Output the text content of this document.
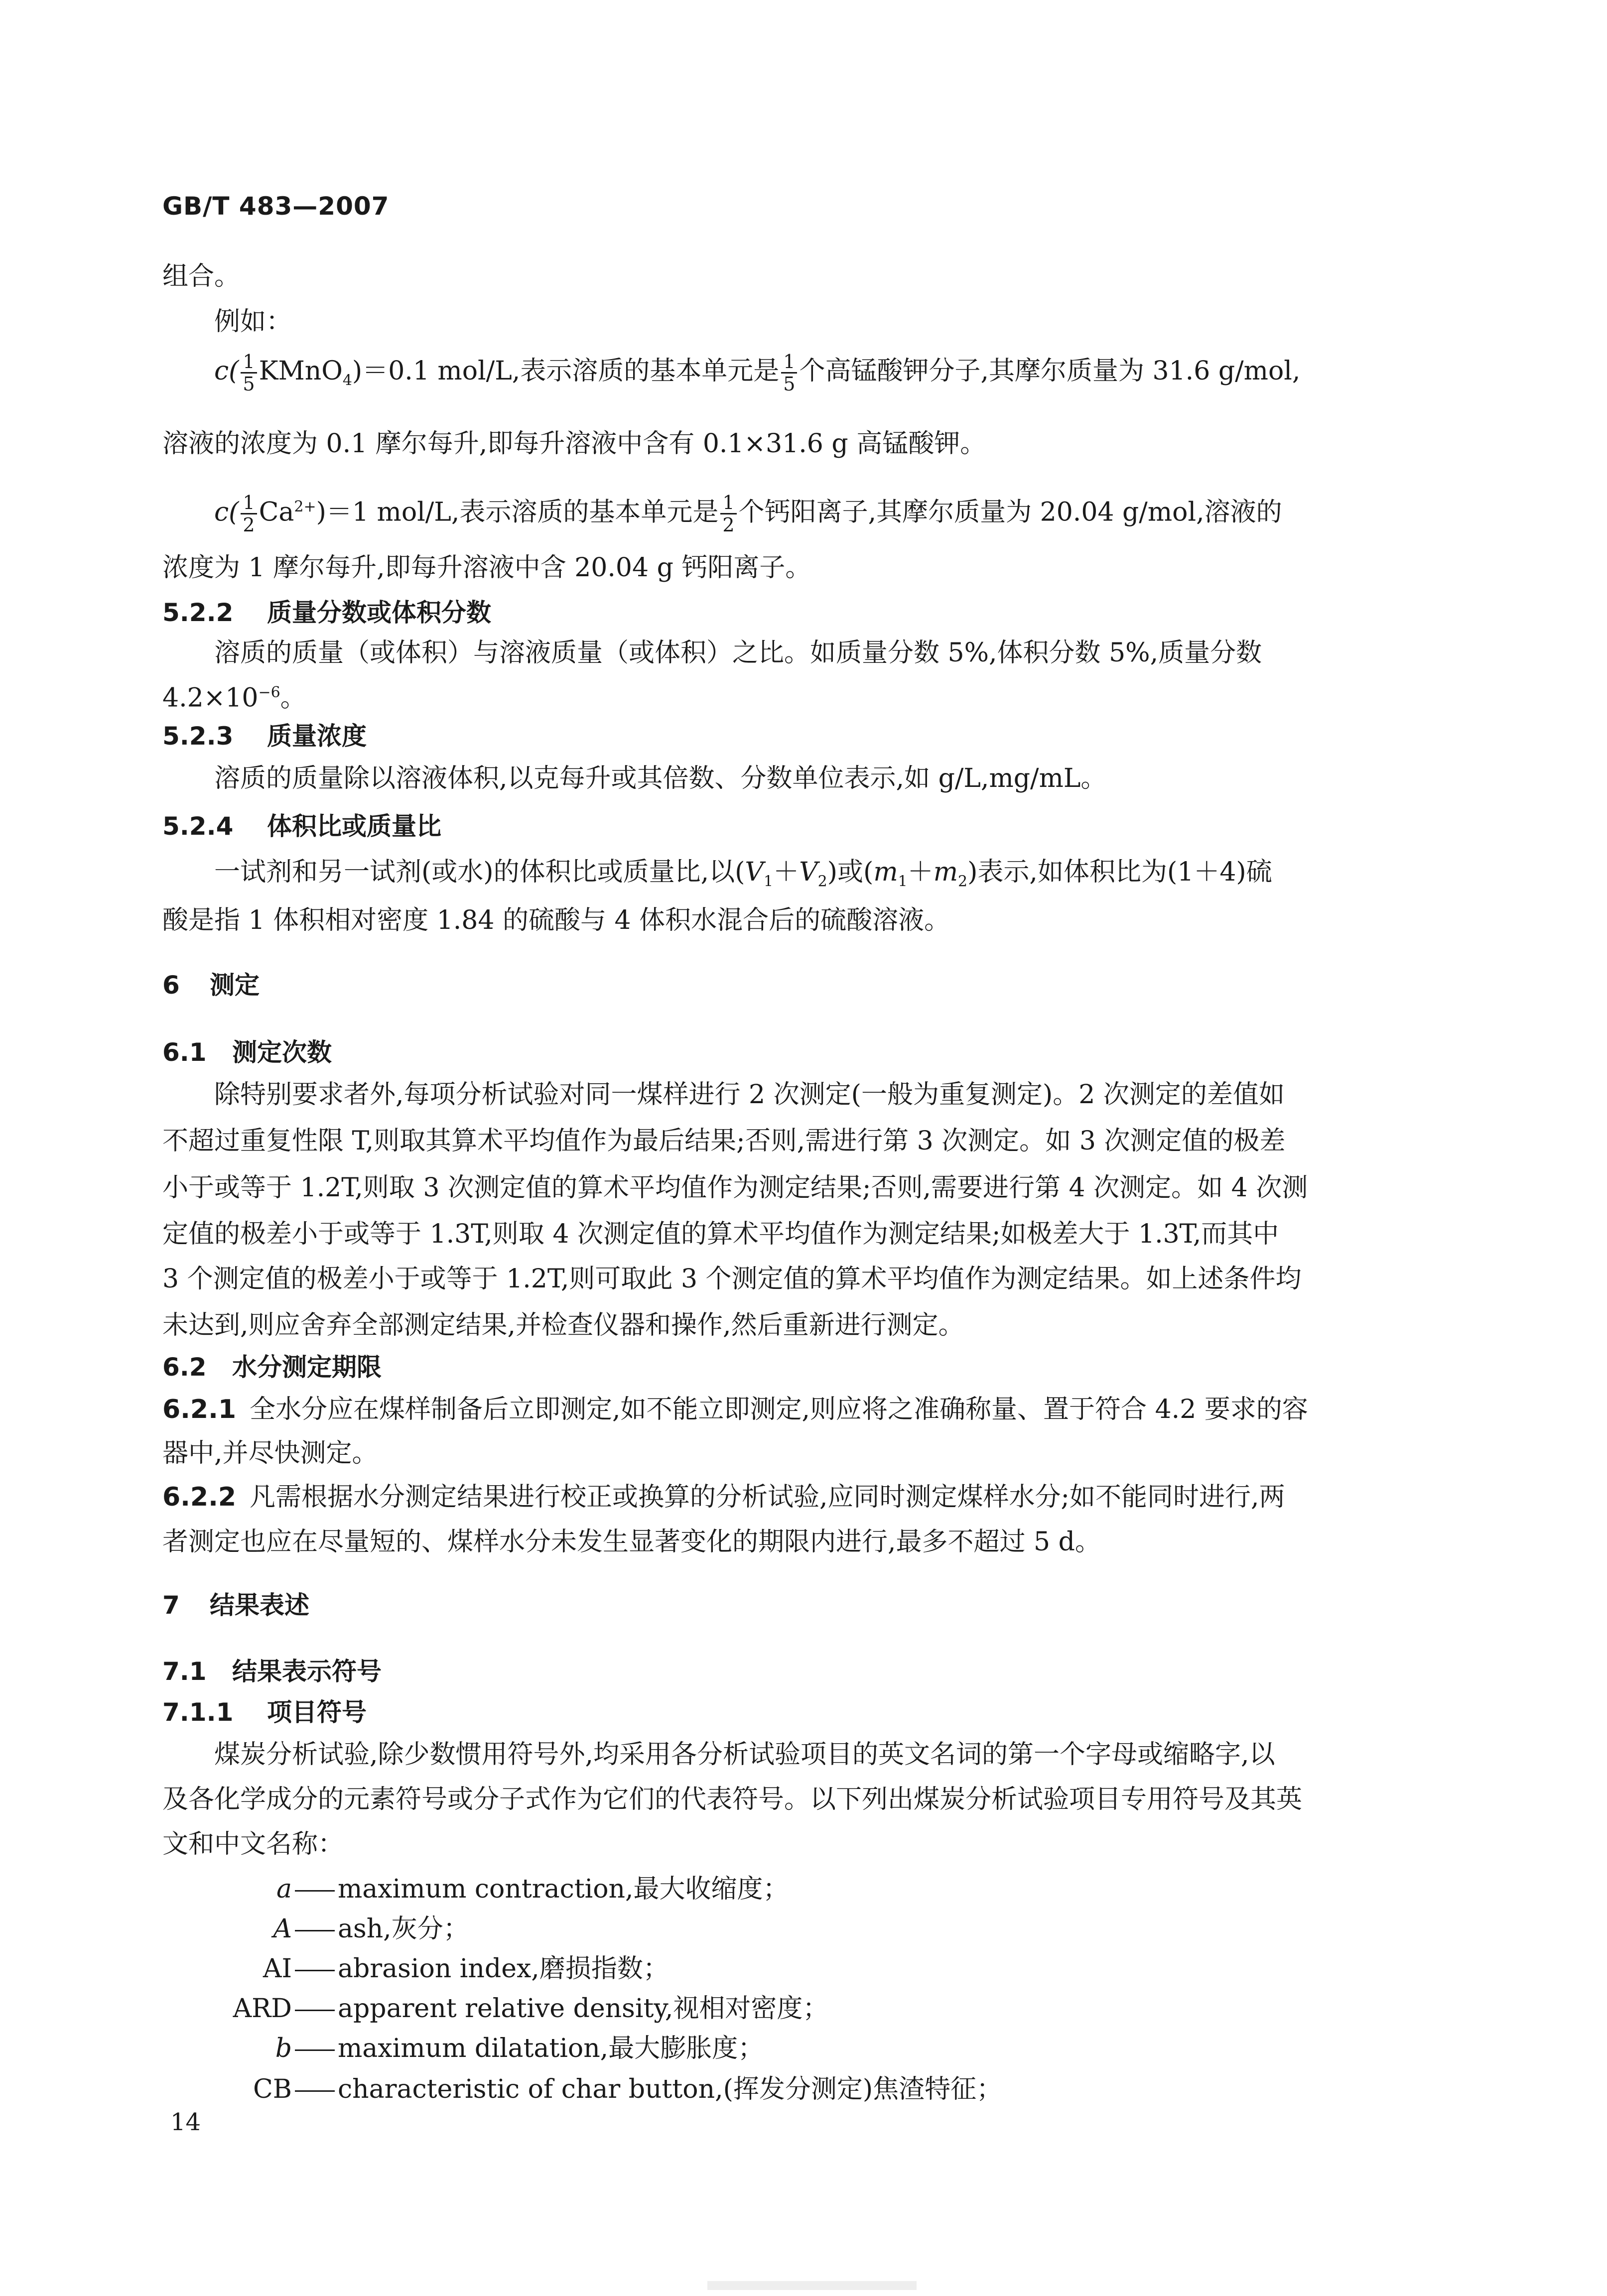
GB/T 483—2007
组合。
例如：
$c( \frac{1}{5}$ KMnO$_4$)＝0.1 mol/L,表示溶质的基本单元是 $\frac{1}{5}$ 个高锰酸钾分子,其摩尔质量为 31.6 g/mol,
溶液的浓度为 0.1 摩尔每升,即每升溶液中含有 0.1×31.6 g 高锰酸钾。
$c( \frac{1}{2} Ca^{2+})=1$ mol/L,表示溶质的基本单元是 $\frac{1}{2}$ 个钙阳离子,其摩尔质量为 20.04 g/mol,溶液的
浓度为 1 摩尔每升,即每升溶液中含 20.04 g 钙阳离子。
5.2.2 质量分数或体积分数
溶质的质量（或体积）与溶液质量（或体积）之比。如质量分数 5%,体积分数 5%,质量分数
$4.2\times 10^{-6}$。
5.2.3 质量浓度
溶质的质量除以溶液体积,以克每升或其倍数、分数单位表示,如 g/L,mg/mL。
5.2.4 体积比或质量比
一试剂和另一试剂(或水)的体积比或质量比,以$(V_1+V_2)$或$(m_1+m_2)$表示,如体积比为(1＋4)硫
酸是指 1 体积相对密度 1.84 的硫酸与 4 体积水混合后的硫酸溶液。
6 测定
6.1 测定次数
除特别要求者外,每项分析试验对同一煤样进行 2 次测定(一般为重复测定)。2 次测定的差值如
不超过重复性限 T,则取其算术平均值作为最后结果;否则,需进行第 3 次测定。如 3 次测定值的极差
小于或等于 1.2T,则取 3 次测定值的算术平均值作为测定结果;否则,需要进行第 4 次测定。如 4 次测
定值的极差小于或等于 1.3T,则取 4 次测定值的算术平均值作为测定结果;如极差大于 1.3T,而其中
3 个测定值的极差小于或等于 1.2T,则可取此 3 个测定值的算术平均值作为测定结果。如上述条件均
未达到,则应舍弃全部测定结果,并检查仪器和操作,然后重新进行测定。
6.2 水分测定期限
6.2.1 全水分应在煤样制备后立即测定,如不能立即测定,则应将之准确称量、置于符合 4.2 要求的容
器中,并尽快测定。
6.2.2 凡需根据水分测定结果进行校正或换算的分析试验,应同时测定煤样水分;如不能同时进行,两
者测定也应在尽量短的、煤样水分未发生显著变化的期限内进行,最多不超过 5 d。
7 结果表述
7.1 结果表示符号
7.1.1 项目符号
煤炭分析试验,除少数惯用符号外,均采用各分析试验项目的英文名词的第一个字母或缩略字,以
及各化学成分的元素符号或分子式作为它们的代表符号。以下列出煤炭分析试验项目专用符号及其英
文和中文名称：
a maximum contraction,最大收缩度；
A ash,灰分；
AI abrasion index,磨损指数；
ARD apparent relative density,视相对密度；
b maximum dilatation,最大膨胀度；
CB characteristic of char button,(挥发分测定)焦渣特征；
14
